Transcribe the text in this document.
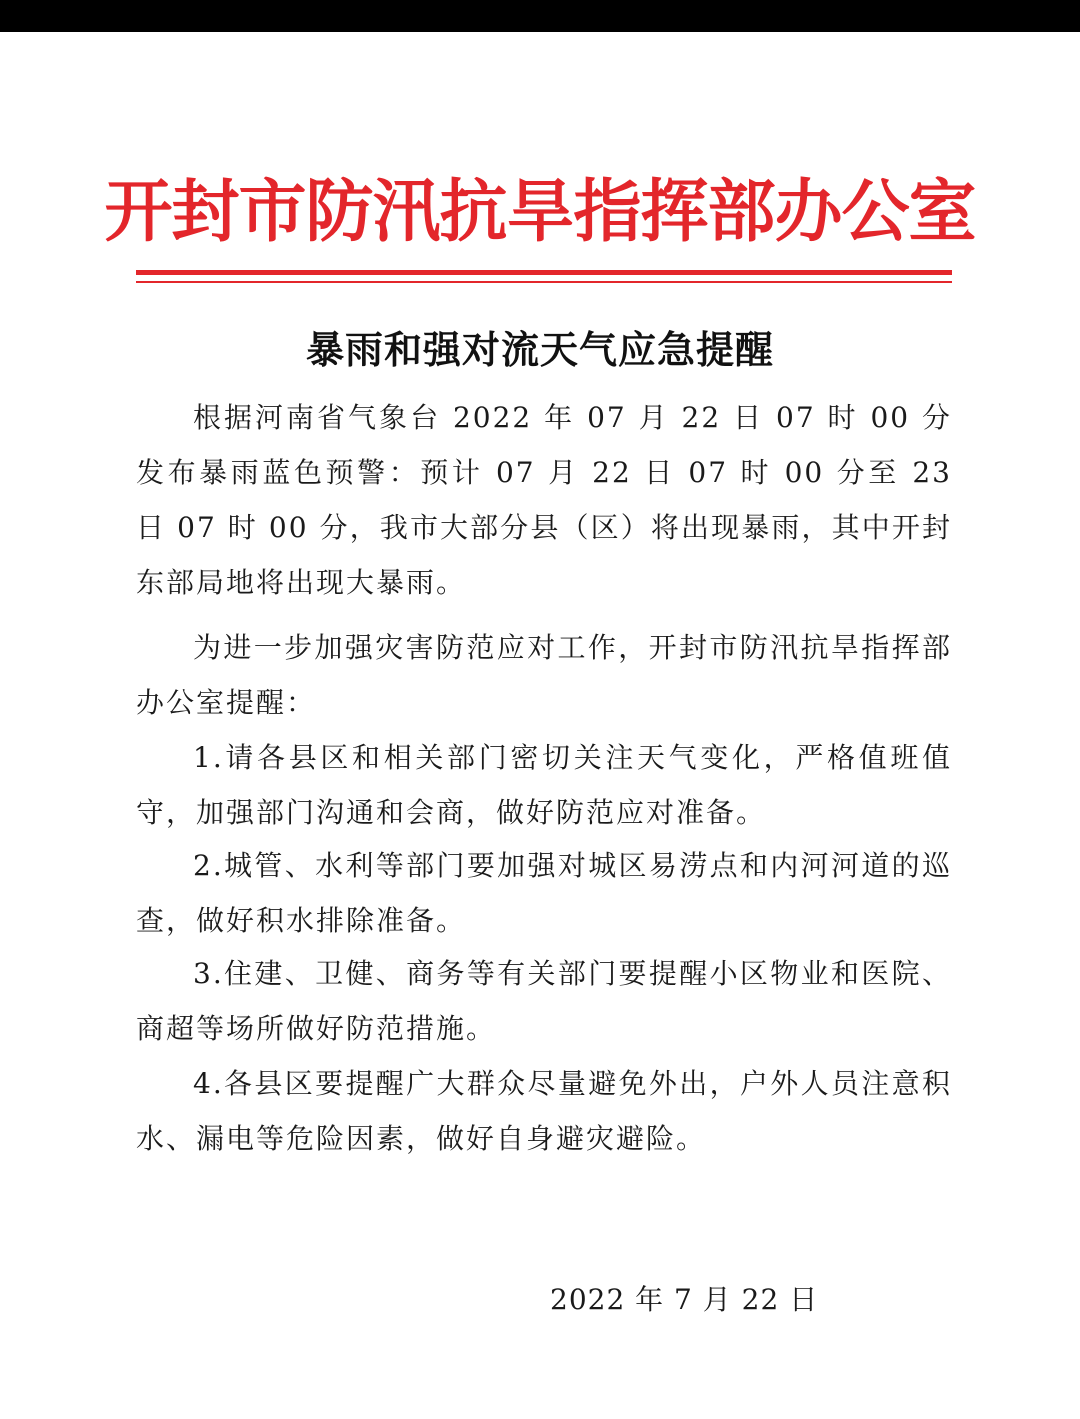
开封市防汛抗旱指挥部办公室
暴雨和强对流天气应急提醒

根据河南省气象台 2022 年 07 月 22 日 07 时 00 分发布暴雨蓝色预警：预计 07 月 22 日 07 时 00 分至 23 日 07 时 00 分，我市大部分县（区）将出现暴雨，其中开封东部局地将出现大暴雨。

为进一步加强灾害防范应对工作，开封市防汛抗旱指挥部办公室提醒：

1.请各县区和相关部门密切关注天气变化，严格值班值守，加强部门沟通和会商，做好防范应对准备。

2.城管、水利等部门要加强对城区易涝点和内河河道的巡查，做好积水排除准备。

3.住建、卫健、商务等有关部门要提醒小区物业和医院、商超等场所做好防范措施。

4.各县区要提醒广大群众尽量避免外出，户外人员注意积水、漏电等危险因素，做好自身避灾避险。

2022 年 7 月 22 日
